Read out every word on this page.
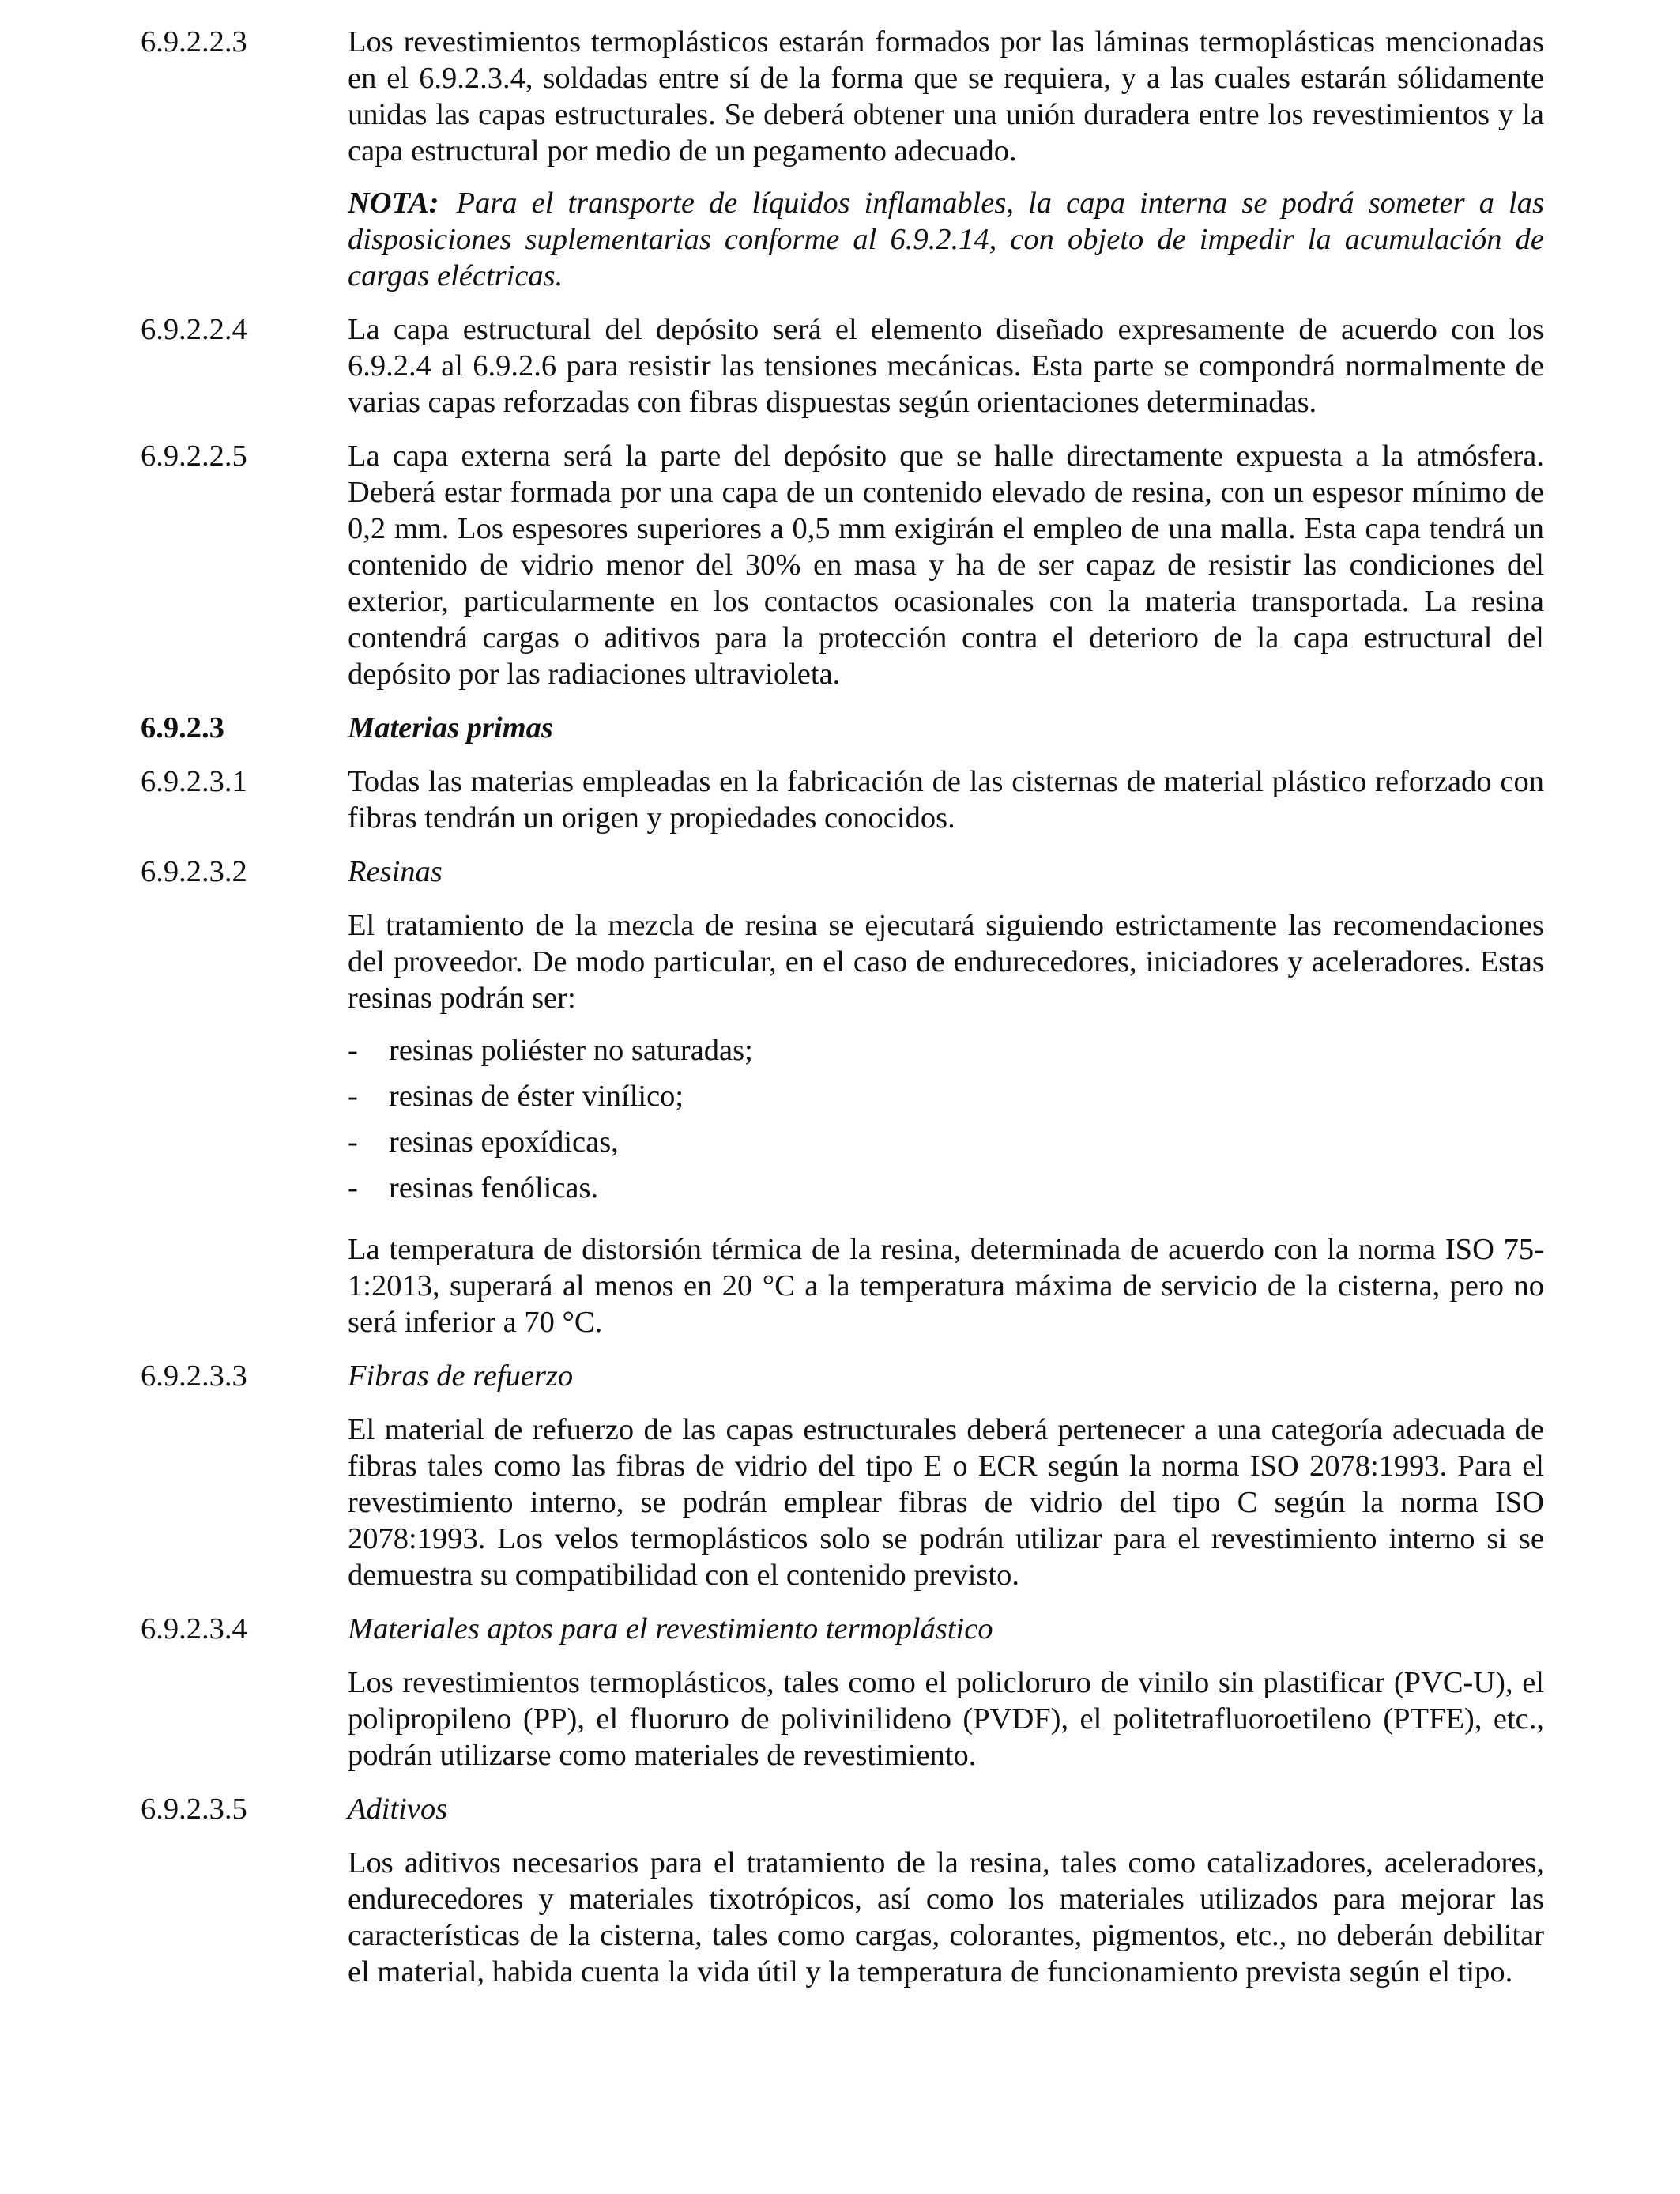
6.9.2.2.3	Los revestimientos termoplásticos estarán formados por las láminas termoplásticas mencionadas en el 6.9.2.3.4, soldadas entre sí de la forma que se requiera, y a las cuales estarán sólidamente unidas las capas estructurales. Se deberá obtener una unión duradera entre los revestimientos y la capa estructural por medio de un pegamento adecuado.

NOTA: Para el transporte de líquidos inflamables, la capa interna se podrá someter a las disposiciones suplementarias conforme al 6.9.2.14, con objeto de impedir la acumulación de cargas eléctricas.

6.9.2.2.4	La capa estructural del depósito será el elemento diseñado expresamente de acuerdo con los 6.9.2.4 al 6.9.2.6 para resistir las tensiones mecánicas. Esta parte se compondrá normalmente de varias capas reforzadas con fibras dispuestas según orientaciones determinadas.

6.9.2.2.5	La capa externa será la parte del depósito que se halle directamente expuesta a la atmósfera. Deberá estar formada por una capa de un contenido elevado de resina, con un espesor mínimo de 0,2 mm. Los espesores superiores a 0,5 mm exigirán el empleo de una malla. Esta capa tendrá un contenido de vidrio menor del 30% en masa y ha de ser capaz de resistir las condiciones del exterior, particularmente en los contactos ocasionales con la materia transportada. La resina contendrá cargas o aditivos para la protección contra el deterioro de la capa estructural del depósito por las radiaciones ultravioleta.

6.9.2.3	Materias primas
6.9.2.3.1	Todas las materias empleadas en la fabricación de las cisternas de material plástico reforzado con fibras tendrán un origen y propiedades conocidos.

6.9.2.3.2	Resinas

El tratamiento de la mezcla de resina se ejecutará siguiendo estrictamente las recomendaciones del proveedor. De modo particular, en el caso de endurecedores, iniciadores y aceleradores. Estas resinas podrán ser:

-	resinas poliéster no saturadas;
-	resinas de éster vinílico;
-	resinas epoxídicas,
-	resinas fenólicas.

La temperatura de distorsión térmica de la resina, determinada de acuerdo con la norma ISO 75-1:2013, superará al menos en 20 °C a la temperatura máxima de servicio de la cisterna, pero no será inferior a 70 °C.

6.9.2.3.3	Fibras de refuerzo

El material de refuerzo de las capas estructurales deberá pertenecer a una categoría adecuada de fibras tales como las fibras de vidrio del tipo E o ECR según la norma ISO 2078:1993. Para el revestimiento interno, se podrán emplear fibras de vidrio del tipo C según la norma ISO 2078:1993. Los velos termoplásticos solo se podrán utilizar para el revestimiento interno si se demuestra su compatibilidad con el contenido previsto.

6.9.2.3.4	Materiales aptos para el revestimiento termoplástico

Los revestimientos termoplásticos, tales como el policloruro de vinilo sin plastificar (PVC-U), el polipropileno (PP), el fluoruro de polivinilideno (PVDF), el politetrafluoroetileno (PTFE), etc., podrán utilizarse como materiales de revestimiento.

6.9.2.3.5	Aditivos

Los aditivos necesarios para el tratamiento de la resina, tales como catalizadores, aceleradores, endurecedores y materiales tixotrópicos, así como los materiales utilizados para mejorar las características de la cisterna, tales como cargas, colorantes, pigmentos, etc., no deberán debilitar el material, habida cuenta la vida útil y la temperatura de funcionamiento prevista según el tipo.
